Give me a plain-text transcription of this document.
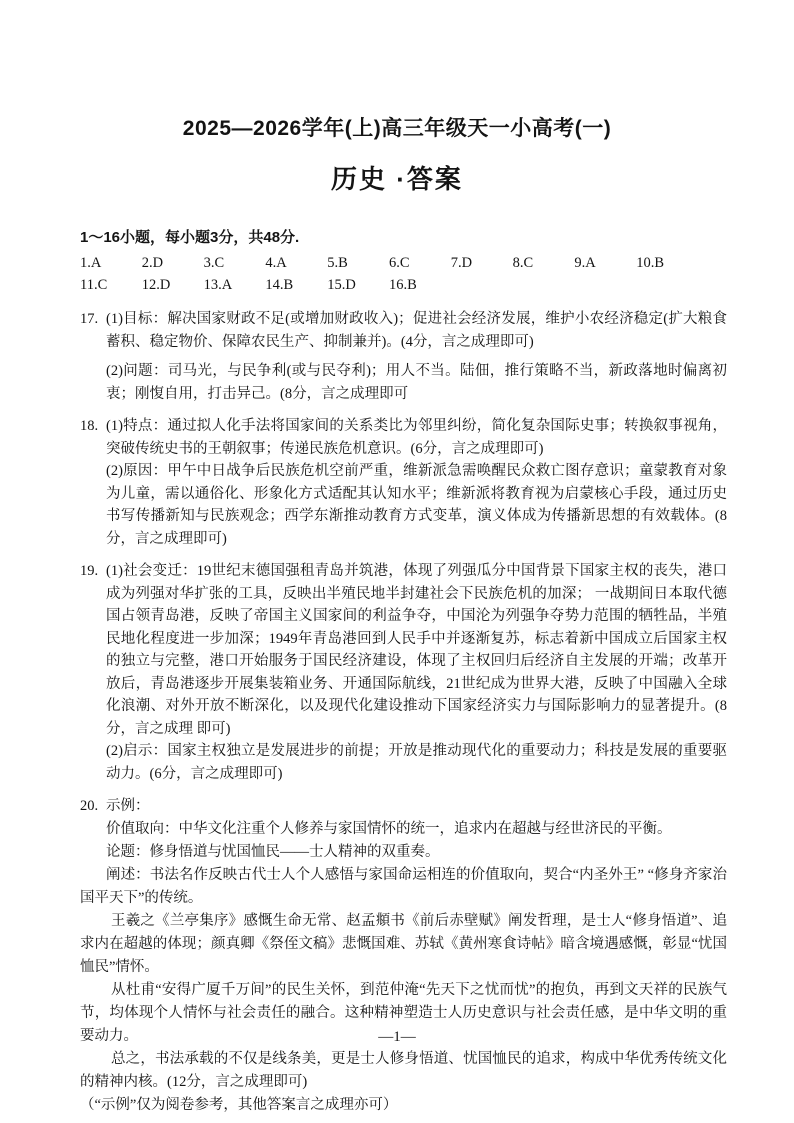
2025—2026学年(上)高三年级天一小高考(一)
历史 ·答案

1～16小题，每小题3分，共48分.

1.A	2.D	3.C	4.A	5.B	6.C	7.D	8.C	9.A	10.B
11.C	12.D	13.A	14.B	15.D	16.B
17. (1)目标：解决国家财政不足(或增加财政收入)；促进社会经济发展，维护小农经济稳定(扩大粮食蓄积、稳定物价、保障农民生产、抑制兼并)。(4分，言之成理即可)

(2)问题：司马光，与民争利(或与民夺利)；用人不当。陆佃，推行策略不当，新政落地时偏离初衷；刚愎自用，打击异己。(8分，言之成理即可

18. (1)特点：通过拟人化手法将国家间的关系类比为邻里纠纷，简化复杂国际史事；转换叙事视角，突破传统史书的王朝叙事；传递民族危机意识。(6分，言之成理即可)

(2)原因：甲午中日战争后民族危机空前严重，维新派急需唤醒民众救亡图存意识；童蒙教育对象为儿童，需以通俗化、形象化方式适配其认知水平；维新派将教育视为启蒙核心手段，通过历史书写传播新知与民族观念；西学东渐推动教育方式变革，演义体成为传播新思想的有效载体。(8分，言之成理即可)

19. (1)社会变迁：19世纪末德国强租青岛并筑港，体现了列强瓜分中国背景下国家主权的丧失，港口成为列强对华扩张的工具，反映出半殖民地半封建社会下民族危机的加深； 一战期间日本取代德国占领青岛港，反映了帝国主义国家间的利益争夺，中国沦为列强争夺势力范围的牺牲品，半殖民地化程度进一步加深；1949年青岛港回到人民手中并逐渐复苏，标志着新中国成立后国家主权的独立与完整，港口开始服务于国民经济建设，体现了主权回归后经济自主发展的开端；改革开放后，青岛港逐步开展集装箱业务、开通国际航线，21世纪成为世界大港，反映了中国融入全球化浪潮、对外开放不断深化，以及现代化建设推动下国家经济实力与国际影响力的显著提升。(8分，言之成理 即可)

(2)启示：国家主权独立是发展进步的前提；开放是推动现代化的重要动力；科技是发展的重要驱动力。(6分，言之成理即可)

20. 示例：

价值取向：中华文化注重个人修养与家国情怀的统一，追求内在超越与经世济民的平衡。

论题：修身悟道与忧国恤民——士人精神的双重奏。

阐述：书法名作反映古代士人个人感悟与家国命运相连的价值取向，契合“内圣外王” “修身齐家治国平天下”的传统。

王羲之《兰亭集序》感慨生命无常、赵孟頫书《前后赤壁赋》阐发哲理，是士人“修身悟道”、追求内在超越的体现；颜真卿《祭侄文稿》悲慨国难、苏轼《黄州寒食诗帖》暗含境遇感慨，彰显“忧国恤民”情怀。

从杜甫“安得广厦千万间”的民生关怀，到范仲淹“先天下之忧而忧”的抱负，再到文天祥的民族气节，均体现个人情怀与社会责任的融合。这种精神塑造士人历史意识与社会责任感，是中华文明的重要动力。

总之，书法承载的不仅是线条美，更是士人修身悟道、忧国恤民的追求，构成中华优秀传统文化的精神内核。(12分，言之成理即可)

（“示例”仅为阅卷参考，其他答案言之成理亦可）

—1—
